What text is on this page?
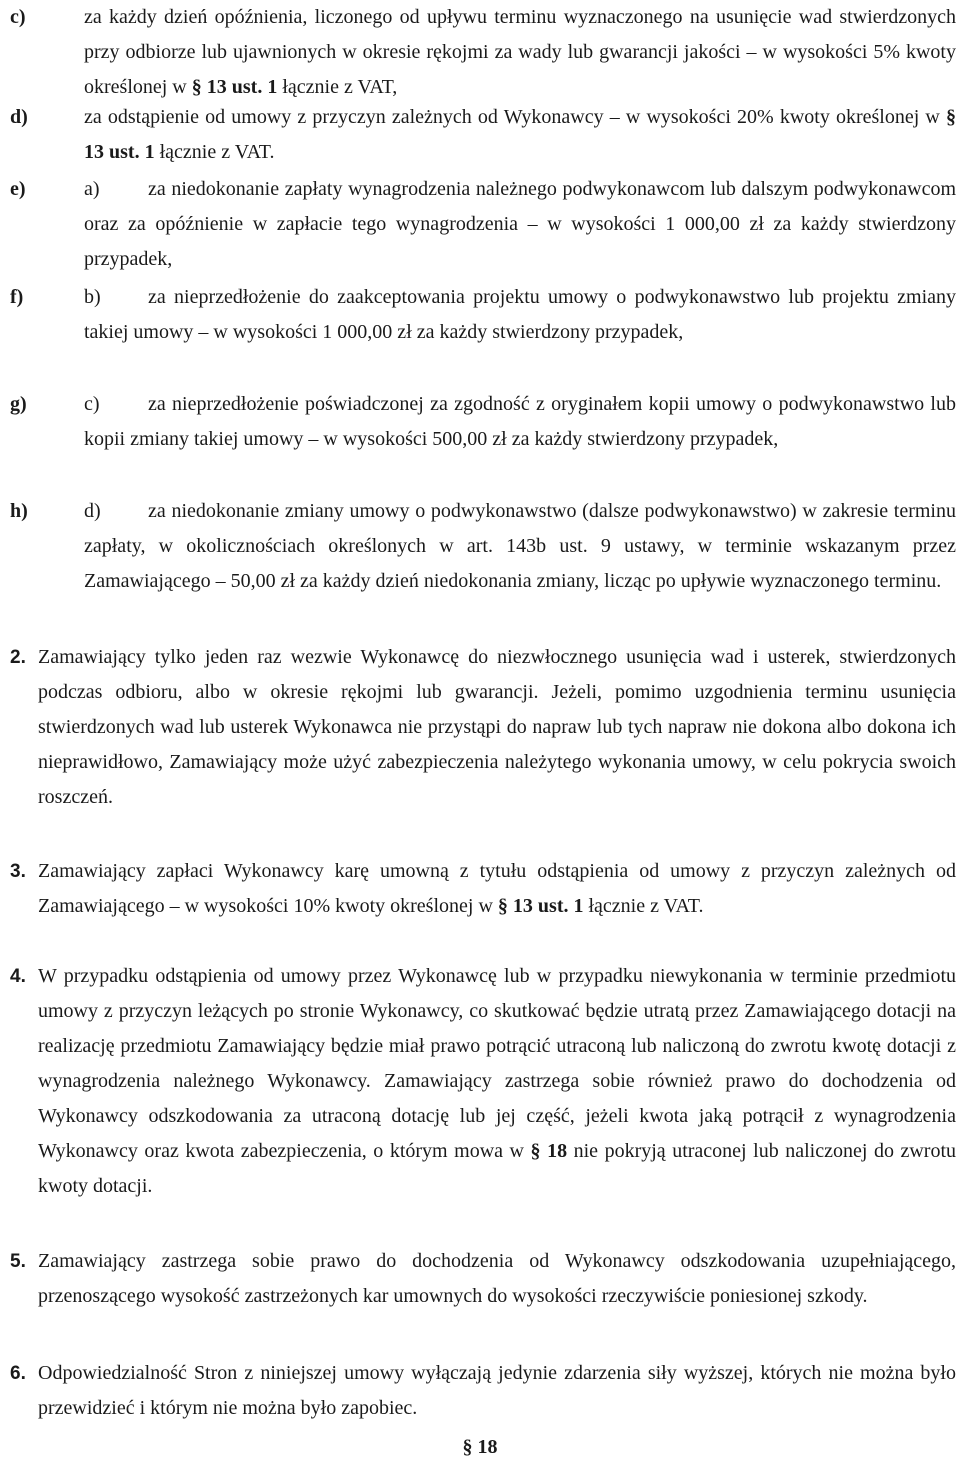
c)	za każdy dzień opóźnienia, liczonego od upływu terminu wyznaczonego na usunięcie wad stwierdzonych przy odbiorze lub ujawnionych w okresie rękojmi za wady lub gwarancji jakości – w wysokości 5% kwoty określonej w § 13 ust. 1 łącznie z VAT,
d)	za odstąpienie od umowy z przyczyn zależnych od Wykonawcy – w wysokości 20% kwoty określonej w § 13 ust. 1 łącznie z VAT.
e)	a) za niedokonanie zapłaty wynagrodzenia należnego podwykonawcom lub dalszym podwykonawcom oraz za opóźnienie w zapłacie tego wynagrodzenia – w wysokości 1 000,00 zł za każdy stwierdzony przypadek,
f)	b) za nieprzedłożenie do zaakceptowania projektu umowy o podwykonawstwo lub projektu zmiany takiej umowy – w wysokości 1 000,00 zł za każdy stwierdzony przypadek,
g)	c) za nieprzedłożenie poświadczonej za zgodność z oryginałem kopii umowy o podwykonawstwo lub kopii zmiany takiej umowy – w wysokości 500,00 zł za każdy stwierdzony przypadek,
h)	d) za niedokonanie zmiany umowy o podwykonawstwo (dalsze podwykonawstwo) w zakresie terminu zapłaty, w okolicznościach określonych w art. 143b ust. 9 ustawy, w terminie wskazanym przez Zamawiającego – 50,00 zł za każdy dzień niedokonania zmiany, licząc po upływie wyznaczonego terminu.
2. Zamawiający tylko jeden raz wezwie Wykonawcę do niezwłocznego usunięcia wad i usterek, stwierdzonych podczas odbioru, albo w okresie rękojmi lub gwarancji. Jeżeli, pomimo uzgodnienia terminu usunięcia stwierdzonych wad lub usterek Wykonawca nie przystąpi do napraw lub tych napraw nie dokona albo dokona ich nieprawidłowo, Zamawiający może użyć zabezpieczenia należytego wykonania umowy, w celu pokrycia swoich roszczeń.
3. Zamawiający zapłaci Wykonawcy karę umowną z tytułu odstąpienia od umowy z przyczyn zależnych od Zamawiającego – w wysokości 10% kwoty określonej w § 13 ust. 1 łącznie z VAT.
4. W przypadku odstąpienia od umowy przez Wykonawcę lub w przypadku niewykonania w terminie przedmiotu umowy z przyczyn leżących po stronie Wykonawcy, co skutkować będzie utratą przez Zamawiającego dotacji na realizację przedmiotu Zamawiający będzie miał prawo potrącić utraconą lub naliczoną do zwrotu kwotę dotacji z wynagrodzenia należnego Wykonawcy. Zamawiający zastrzega sobie również prawo do dochodzenia od Wykonawcy odszkodowania za utraconą dotację lub jej część, jeżeli kwota jaką potrącił z wynagrodzenia Wykonawcy oraz kwota zabezpieczenia, o którym mowa w § 18 nie pokryją utraconej lub naliczonej do zwrotu kwoty dotacji.
5. Zamawiający zastrzega sobie prawo do dochodzenia od Wykonawcy odszkodowania uzupełniającego, przenoszącego wysokość zastrzeżonych kar umownych do wysokości rzeczywiście poniesionej szkody.
6. Odpowiedzialność Stron z niniejszej umowy wyłączają jedynie zdarzenia siły wyższej, których nie można było przewidzieć i którym nie można było zapobiec.
§ 18
